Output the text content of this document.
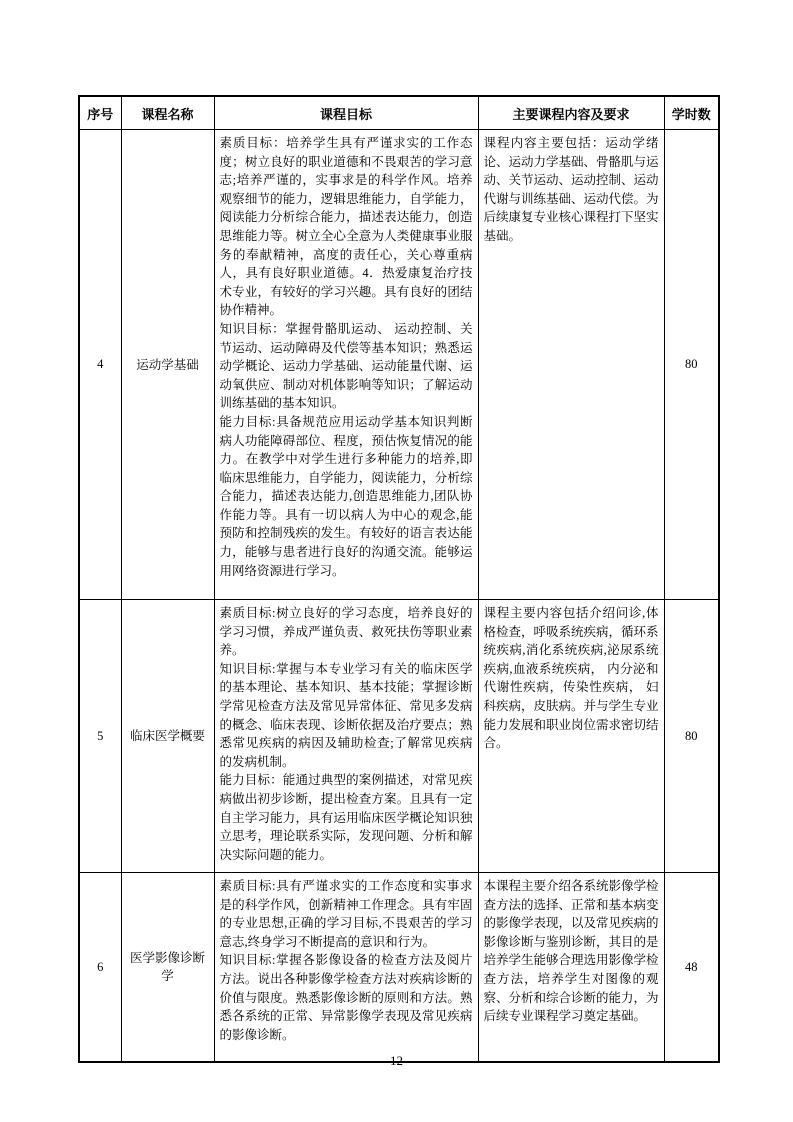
序号	课程名称	课程目标	主要课程内容及要求	学时数
4	运动学基础	素质目标：培养学生具有严谨求实的工作态度；树立良好的职业道德和不畏艰苦的学习意志;培养严谨的，实事求是的科学作风。培养观察细节的能力，逻辑思维能力，自学能力，阅读能力分析综合能力，描述表达能力，创造思维能力等。树立全心全意为人类健康事业服务的奉献精神，高度的责任心，关心尊重病人，具有良好职业道德。4．热爱康复治疗技术专业，有较好的学习兴趣。具有良好的团结协作精神。

知识目标：掌握骨骼肌运动、 运动控制、关节运动、运动障碍及代偿等基本知识；熟悉运动学概论、运动力学基础、运动能量代谢、运动氧供应、制动对机体影响等知识；了解运动训练基础的基本知识。

能力目标:具备规范应用运动学基本知识判断病人功能障碍部位、程度，预估恢复情况的能力。在教学中对学生进行多种能力的培养,即临床思维能力，自学能力，阅读能力，分析综合能力，描述表达能力,创造思维能力,团队协作能力等。具有一切以病人为中心的观念,能预防和控制残疾的发生。有较好的语言表达能力，能够与患者进行良好的沟通交流。能够运用网络资源进行学习。	课程内容主要包括：运动学绪论、运动力学基础、骨骼肌与运动、关节运动、运动控制、运动代谢与训练基础、运动代偿。为后续康复专业核心课程打下坚实基础。	80
5	临床医学概要	素质目标:树立良好的学习态度，培养良好的学习习惯，养成严谨负责、救死扶伤等职业素养。

知识目标:掌握与本专业学习有关的临床医学的基本理论、基本知识、基本技能；掌握诊断学常见检查方法及常见异常体征、常见多发病的概念、临床表现、诊断依据及治疗要点；熟悉常见疾病的病因及辅助检查;了解常见疾病的发病机制。

能力目标：能通过典型的案例描述，对常见疾病做出初步诊断，提出检查方案。且具有一定自主学习能力，具有运用临床医学概论知识独立思考，理论联系实际，发现问题、分析和解决实际问题的能力。	课程主要内容包括介绍问诊,体格检查，呼吸系统疾病，循环系统疾病,消化系统疾病,泌尿系统疾病,血液系统疾病， 内分泌和代谢性疾病，传染性疾病， 妇科疾病，皮肤病。并与学生专业能力发展和职业岗位需求密切结合。	80
6	医学影像诊断学	素质目标:具有严谨求实的工作态度和实事求是的科学作风，创新精神工作理念。具有牢固的专业思想,正确的学习目标,不畏艰苦的学习意志,终身学习不断提高的意识和行为。

知识目标:掌握各影像设备的检查方法及阅片方法。说出各种影像学检查方法对疾病诊断的价值与限度。熟悉影像诊断的原则和方法。熟悉各系统的正常、异常影像学表现及常见疾病的影像诊断。	本课程主要介绍各系统影像学检查方法的选择、正常和基本病变的影像学表现，以及常见疾病的影像诊断与鉴别诊断，其目的是培养学生能够合理选用影像学检查方法，培养学生对图像的观察、分析和综合诊断的能力，为后续专业课程学习奠定基础。	48
12
